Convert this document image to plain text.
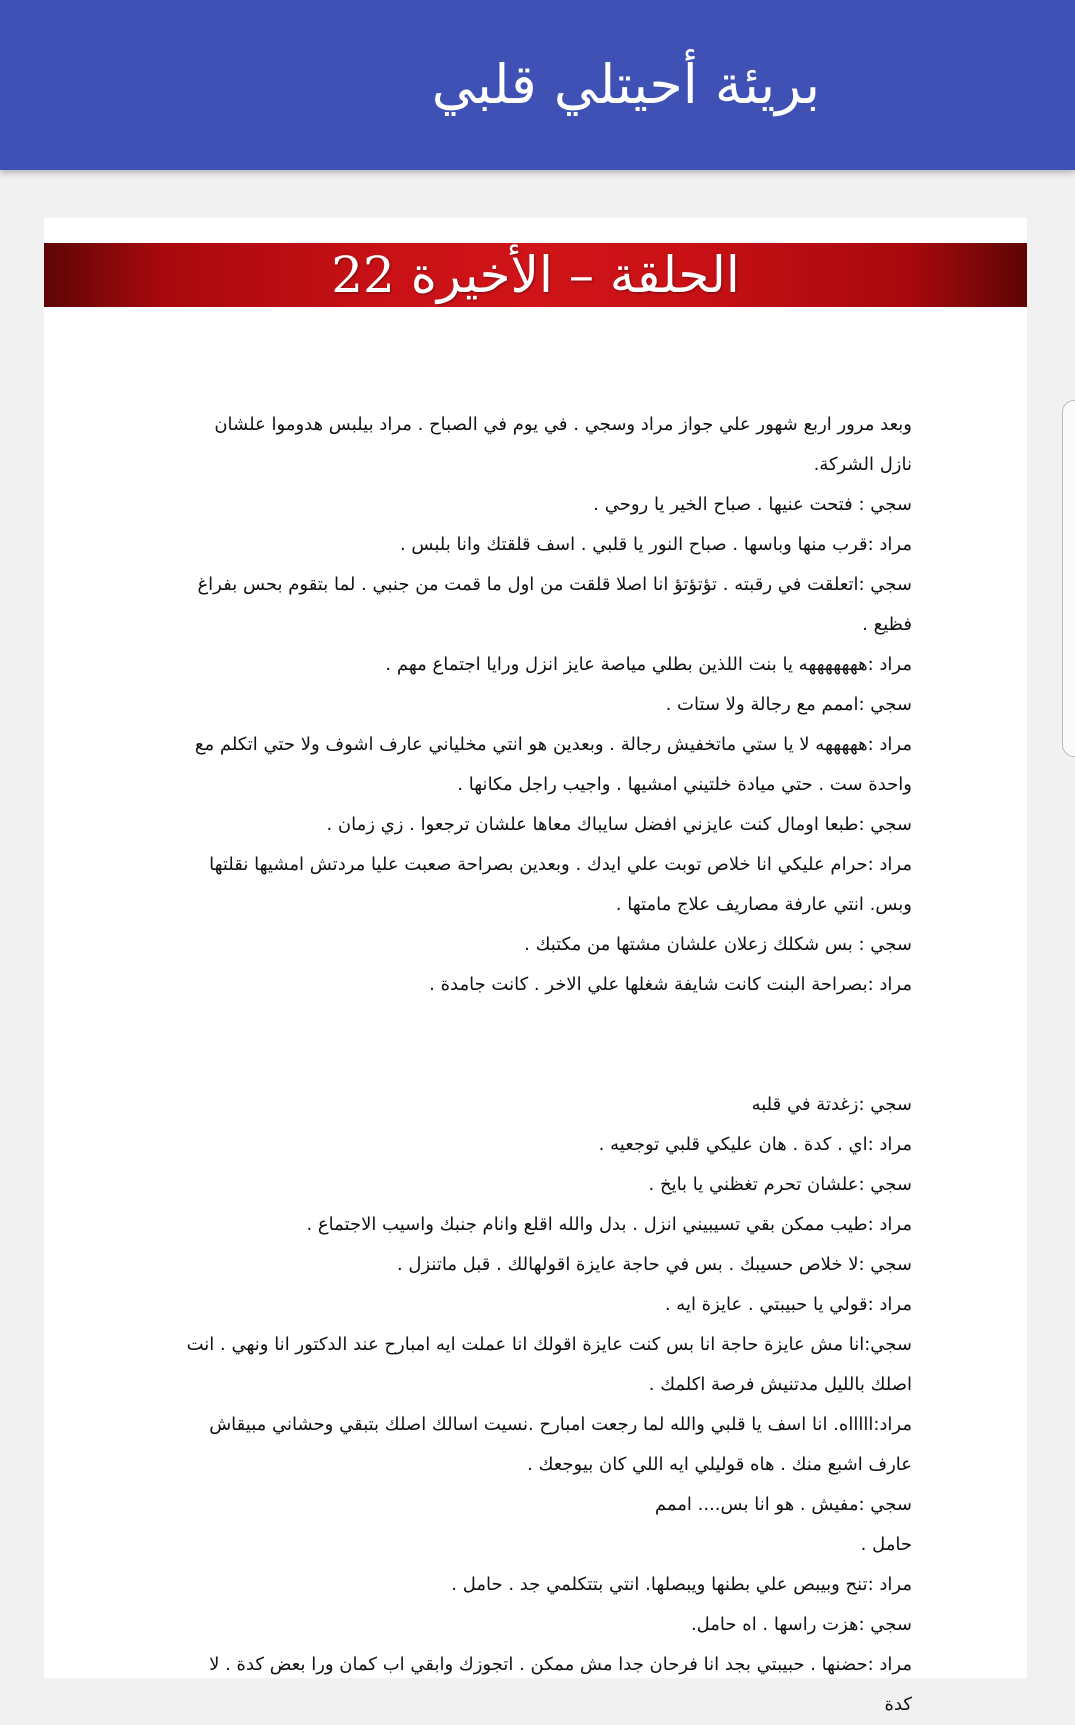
بريئة أحيتلي قلبي
الحلقة – الأخيرة 22

وبعد مرور اربع شهور علي جواز مراد وسجي . في يوم في الصباح . مراد بيلبس هدوموا علشان نازل الشركة.

سجي : فتحت عنيها . صباح الخير يا روحي .

مراد :قرب منها وباسها . صباح النور يا قلبي . اسف قلقتك وانا بلبس .

سجي :اتعلقت في رقبته . تؤتؤتؤ انا اصلا قلقت من اول ما قمت من جنبي . لما بتقوم بحس بفراغ فظيع .

مراد :هههههههه يا بنت اللذين بطلي مياصة عايز انزل ورايا اجتماع مهم .

سجي :اممم مع رجالة ولا ستات .

مراد :هههههه لا يا ستي ماتخفيش رجالة . وبعدين هو انتي مخلياني عارف اشوف ولا حتي اتكلم مع واحدة ست . حتي ميادة خلتيني امشيها . واجيب راجل مكانها .

سجي :طبعا اومال كنت عايزني افضل سايباك معاها علشان ترجعوا . زي زمان .

مراد :حرام عليكي انا خلاص توبت علي ايدك . وبعدين بصراحة صعبت عليا مردتش امشيها نقلتها وبس. انتي عارفة مصاريف علاج مامتها .

سجي : بس شكلك زعلان علشان مشتها من مكتبك .

مراد :بصراحة البنت كانت شايفة شغلها علي الاخر . كانت جامدة .

سجي :زغدتة في قلبه

مراد :اي . كدة . هان عليكي قلبي توجعيه .

سجي :علشان تحرم تغظني يا بايخ .

مراد :طيب ممكن بقي تسيبيني انزل . بدل والله اقلع وانام جنبك واسيب الاجتماع .

سجي :لا خلاص حسيبك . بس في حاجة عايزة اقولهالك . قبل ماتنزل .

مراد :قولي يا حبيبتي . عايزة ايه .

سجي:انا مش عايزة حاجة انا بس كنت عايزة اقولك انا عملت ايه امبارح عند الدكتور انا ونهي . انت اصلك بالليل مدتنيش فرصة اكلمك .

مراد:اااااه. انا اسف يا قلبي والله لما رجعت امبارح .نسيت اسالك اصلك بتبقي وحشاني مبيقاش عارف اشبع منك . هاه قوليلي ايه اللي كان بيوجعك .

سجي :مفيش . هو انا بس.... اممم

حامل .

مراد :تنح وبيبص علي بطنها ويبصلها. انتي بتتكلمي جد . حامل .

سجي :هزت راسها . اه حامل.

مراد :حضنها . حبيبتي بجد انا فرحان جدا مش ممكن . اتجوزك وابقي اب كمان ورا بعض كدة . لا كدة
